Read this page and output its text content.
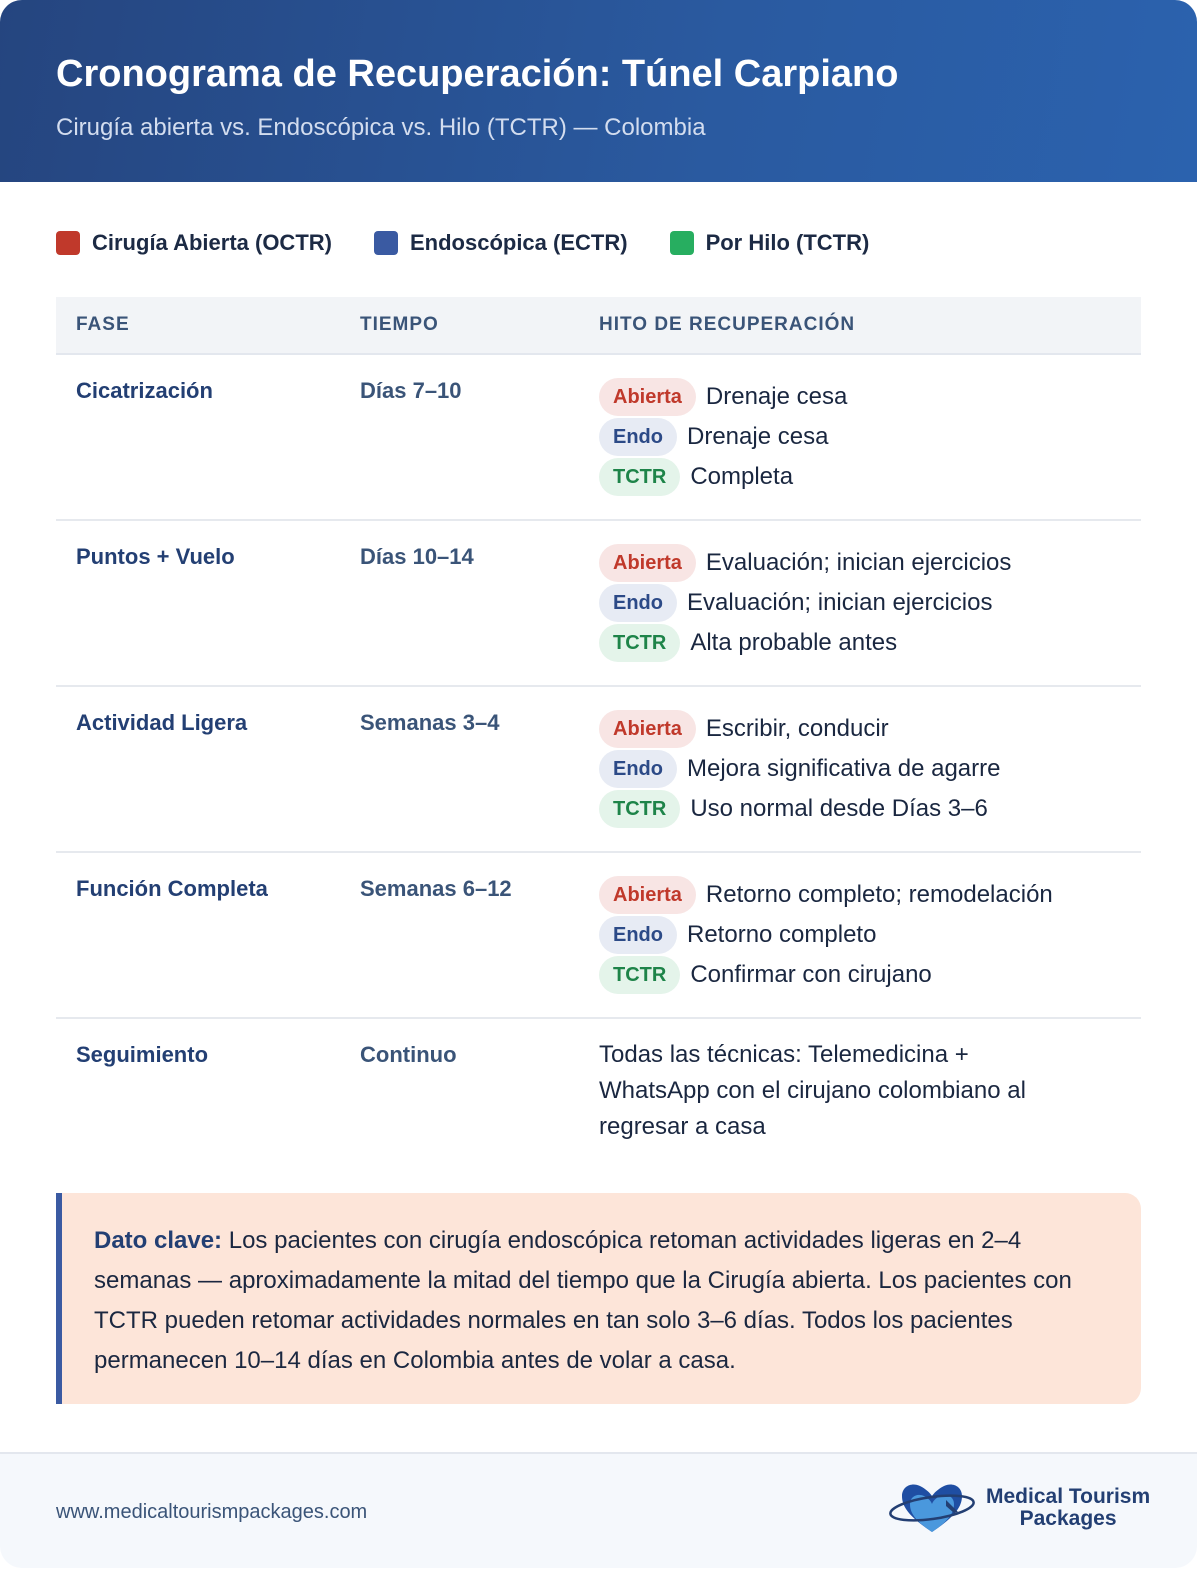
Cronograma de Recuperación: Túnel Carpiano
Cirugía abierta vs. Endoscópica vs. Hilo (TCTR) — Colombia
Cirugía Abierta (OCTR)	Endoscópica (ECTR)	Por Hilo (TCTR)
FASE	TIEMPO	HITO DE RECUPERACIÓN
Cicatrización	Días 7–10	Abierta	Drenaje cesa
Endo	Drenaje cesa
TCTR	Completa
Puntos + Vuelo	Días 10–14	Abierta	Evaluación; inician ejercicios
Endo	Evaluación; inician ejercicios
TCTR	Alta probable antes
Actividad Ligera	Semanas 3–4	Abierta	Escribir, conducir
Endo	Mejora significativa de agarre
TCTR	Uso normal desde Días 3–6
Función Completa	Semanas 6–12	Abierta	Retorno completo; remodelación
Endo	Retorno completo
TCTR	Confirmar con cirujano
Seguimiento	Continuo	Todas las técnicas: Telemedicina + WhatsApp con el cirujano colombiano al regresar a casa
Dato clave: Los pacientes con cirugía endoscópica retoman actividades ligeras en 2–4 semanas — aproximadamente la mitad del tiempo que la Cirugía abierta. Los pacientes con TCTR pueden retomar actividades normales en tan solo 3–6 días. Todos los pacientes permanecen 10–14 días en Colombia antes de volar a casa.
www.medicaltourismpackages.com
Medical Tourism
Packages
